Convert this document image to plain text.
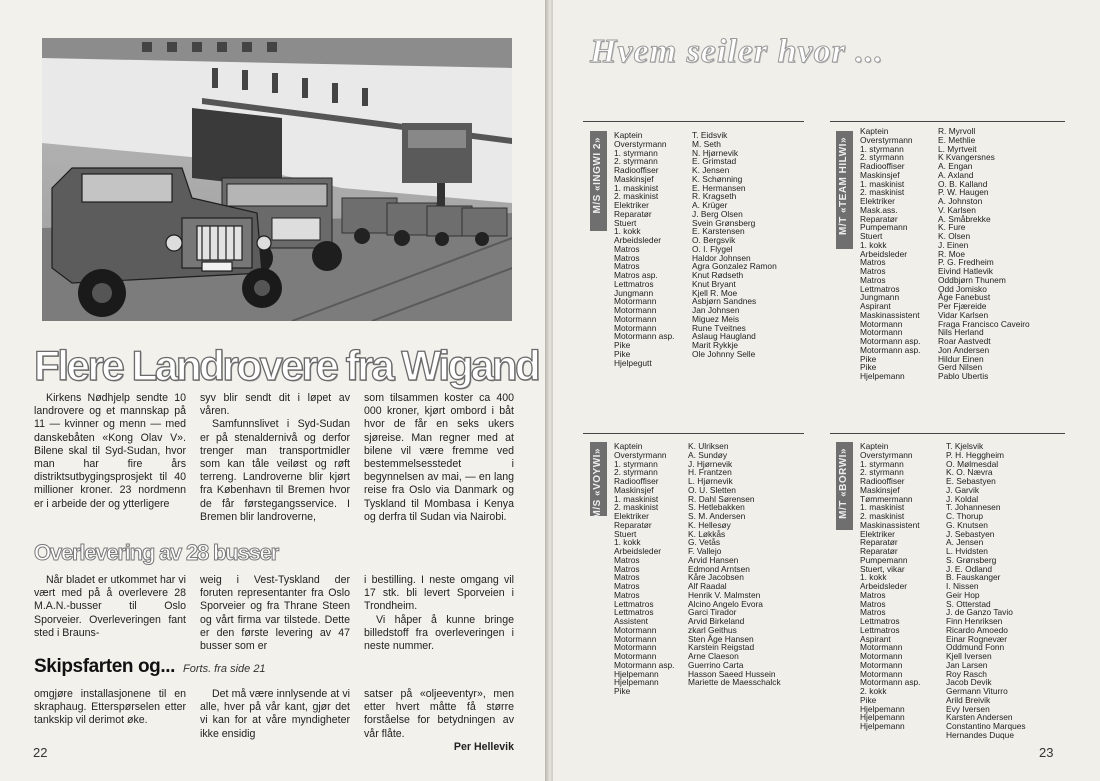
Flere Landrovere fra Wigand

Kirkens Nødhjelp sendte 10 landrovere og et mannskap på 11 — kvinner og menn — med danskebåten «Kong Olav V». Bilene skal til Syd-Sudan, hvor man har fire års distriktsutbygingsprosjekt til 40 millioner kroner. 23 nordmenn er i arbeide der og ytterligere

syv blir sendt dit i løpet av våren.

Samfunnslivet i Syd-Sudan er på stenaldernivå og derfor trenger man transportmidler som kan tåle veiløst og røft terreng. Landroverne blir kjørt fra København til Bremen hvor de får førstegangsservice. I Bremen blir landroverne,

som tilsammen koster ca 400 000 kroner, kjørt ombord i båt hvor de får en seks ukers sjøreise. Man regner med at bilene vil være fremme ved bestemmelsesstedet i begynnelsen av mai, — en lang reise fra Oslo via Danmark og Tyskland til Mombasa i Kenya og derfra til Sudan via Nairobi.

Overlevering av 28 busser

Når bladet er utkommet har vi vært med på å overlevere 28 M.A.N.-busser til Oslo Sporveier. Overleveringen fant sted i Brauns-

weig i Vest-Tyskland der foruten representanter fra Oslo Sporveier og fra Thrane Steen og vårt firma var tilstede. Dette er den første levering av 47 busser som er

i bestilling. I neste omgang vil 17 stk. bli levert Sporveien i Trondheim.

Vi håper å kunne bringe billedstoff fra overleveringen i neste nummer.

Skipsfarten og... Forts. fra side 21

omgjøre installasjonene til en skraphaug. Etterspørselen etter tankskip vil derimot øke.

Det må være innlysende at vi alle, hver på vår kant, gjør det vi kan for at våre myndigheter ikke ensidig

satser på «oljeeventyr», men etter hvert måtte få større forståelse for betydningen av vår flåte.

Per Hellevik
22
Hvem seiler hvor ...
M/S «INGWI 2»
Kaptein
Overstyrmann
1. styrmann
2. styrmann
Radiooffiser
Maskinsjef
1. maskinist
2. maskinist
Elektriker
Reparatør
Stuert
1. kokk
Arbeidsleder
Matros
Matros
Matros
Matros asp.
Lettmatros
Jungmann
Motormann
Motormann
Motormann
Motormann
Motormann asp.
Pike
Pike
Hjelpegutt
T. Eidsvik
M. Seth
N. Hjørnevik
E. Grimstad
K. Jensen
K. Schønning
E. Hermansen
R. Kragseth
A. Krüger
J. Berg Olsen
Svein Grønsberg
E. Karstensen
O. Bergsvik
O. I. Flygel
Haldor Johnsen
Agra Gonzalez Ramon
Knut Rødseth
Knut Bryant
Kjell R. Moe
Asbjørn Sandnes
Jan Johnsen
Miguez Meis
Rune Tveitnes
Aslaug Haugland
Marit Rykkje
Ole Johnny Selle
M/T «TEAM HILWI»
Kaptein
Overstyrmann
1. styrmann
2. styrmann
Radiooffiser
Maskinsjef
1. maskinist
2. maskinist
Elektriker
Mask.ass.
Reparatør
Pumpemann
Stuert
1. kokk
Arbeidsleder
Matros
Matros
Matros
Lettmatros
Jungmann
Aspirant
Maskinassistent
Motormann
Motormann
Motormann asp.
Motormann asp.
Pike
Pike
Hjelpemann
R. Myrvoll
E. Methlie
L. Myrtveit
K Kvangersnes
A. Engan
A. Axland
O. B. Kalland
P. W. Haugen
A. Johnston
V. Karlsen
A. Småbrekke
K. Fure
K. Olsen
J. Einen
R. Moe
P. G. Fredheim
Eivind Hatlevik
Oddbjørn Thunem
Odd Jomisko
Åge Fanebust
Per Fjæreide
Vidar Karlsen
Fraga Francisco Caveiro
Nils Herland
Roar Aastvedt
Jon Andersen
Hildur Einen
Gerd Nilsen
Pablo Ubertis
M/S «VOYWI»
Kaptein
Overstyrmann
1. styrmann
2. styrmann
Radiooffiser
Maskinsjef
1. maskinist
2. maskinist
Elektriker
Reparatør
Stuert
1. kokk
Arbeidsleder
Matros
Matros
Matros
Matros
Matros
Lettmatros
Lettmatros
Assistent
Motormann
Motormann
Motormann
Motormann
Motormann asp.
Hjelpemann
Hjelpemann
Pike
K. Ulriksen
A. Sundøy
J. Hjørnevik
H. Frantzen
L. Hjørnevik
O. U. Sletten
R. Dahl Sørensen
S. Hetlebakken
S. M. Andersen
K. Hellesøy
K. Løkkås
G. Vetås
F. Vallejo
Arvid Hansen
Edmond Arntsen
Kåre Jacobsen
Alf Raadal
Henrik V. Malmsten
Alcino Angelo Evora
Garci Tirador
Arvid Birkeland
zkarl Geithus
Sten Åge Hansen
Karstein Reigstad
Arne Claeson
Guerrino Carta
Hasson Saeed Hussein
Mariette de Maesschalck
M/T «BORWI»
Kaptein
Overstyrmann
1. styrmann
2. styrmann
Radiooffiser
Maskinsjef
Tømmermann
1. maskinist
2. maskinist
Maskinassistent
Elektriker
Reparatør
Reparatør
Pumpemann
Stuert, vikar
1. kokk
Arbeidsleder
Matros
Matros
Matros
Lettmatros
Lettmatros
Aspirant
Motormann
Motormann
Motormann
Motormann
Motormann asp.
2. kokk
Pike
Hjelpemann
Hjelpemann
Hjelpemann
T. Kjelsvik
P. H. Heggheim
O. Mølmesdal
K. O. Nævra
E. Sebastyen
J. Garvik
J. Koldal
T. Johannesen
C. Thorup
G. Knutsen
J. Sebastyen
A. Jensen
L. Hvidsten
S. Grønsberg
J. E. Odland
B. Fauskanger
I. Nissen
Geir Hop
S. Otterstad
J. de Ganzo Tavio
Finn Henriksen
Ricardo Amoedo
Einar Rognevær
Oddmund Fonn
Kjell Iversen
Jan Larsen
Roy Rasch
Jacob Devik
Germann Viturro
Arild Breivik
Evy Iversen
Karsten Andersen
Constantino Marques
Hernandes Duque
23
